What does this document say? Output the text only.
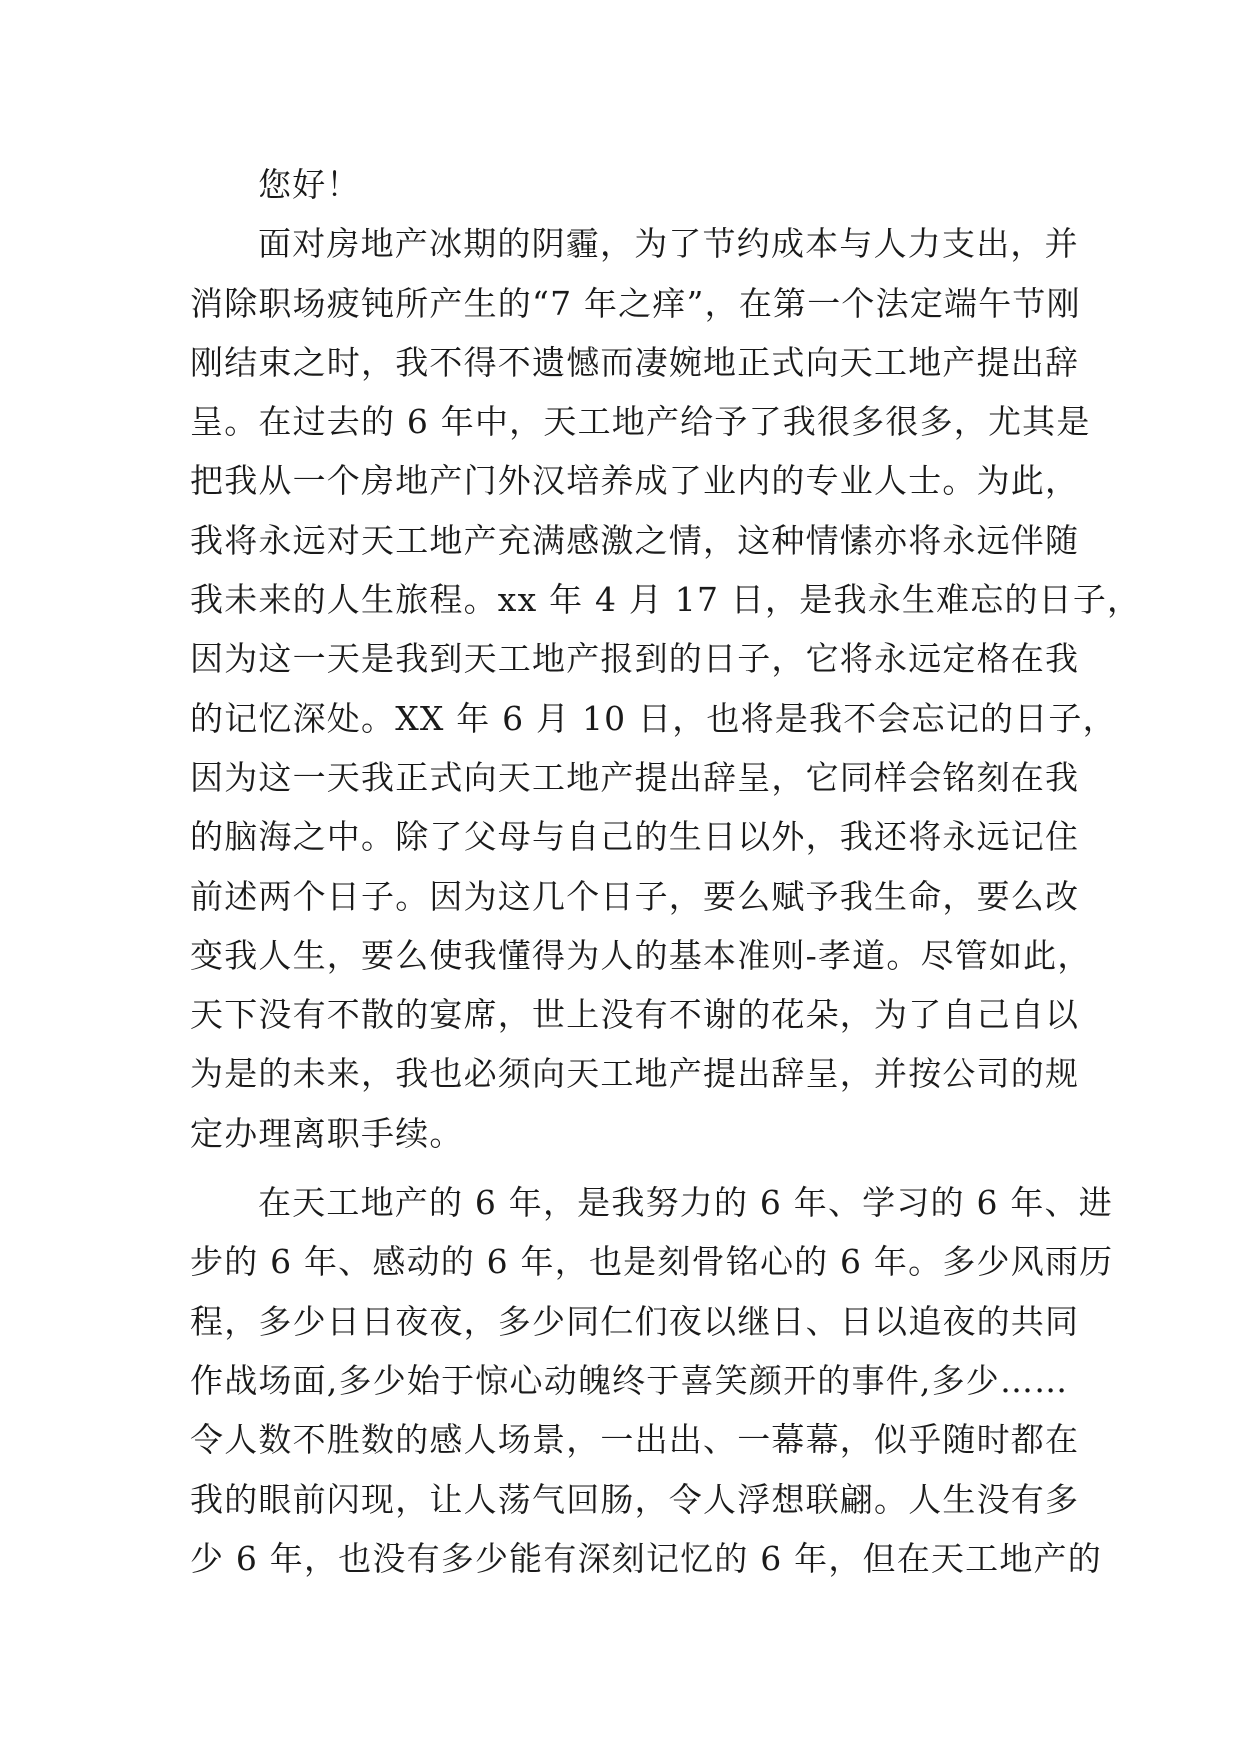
您好！
面对房地产冰期的阴霾，为了节约成本与人力支出，并
消除职场疲钝所产生的“7 年之痒”，在第一个法定端午节刚
刚结束之时，我不得不遗憾而凄婉地正式向天工地产提出辞
呈。在过去的 6 年中，天工地产给予了我很多很多，尤其是
把我从一个房地产门外汉培养成了业内的专业人士。为此，
我将永远对天工地产充满感激之情，这种情愫亦将永远伴随
我未来的人生旅程。xx 年 4 月 17 日，是我永生难忘的日子，
因为这一天是我到天工地产报到的日子，它将永远定格在我
的记忆深处。XX 年 6 月 10 日，也将是我不会忘记的日子，
因为这一天我正式向天工地产提出辞呈，它同样会铭刻在我
的脑海之中。除了父母与自己的生日以外，我还将永远记住
前述两个日子。因为这几个日子，要么赋予我生命，要么改
变我人生，要么使我懂得为人的基本准则-孝道。尽管如此，
天下没有不散的宴席，世上没有不谢的花朵，为了自己自以
为是的未来，我也必须向天工地产提出辞呈，并按公司的规
定办理离职手续。
在天工地产的 6 年，是我努力的 6 年、学习的 6 年、进
步的 6 年、感动的 6 年，也是刻骨铭心的 6 年。多少风雨历
程，多少日日夜夜，多少同仁们夜以继日、日以追夜的共同
作战场面,多少始于惊心动魄终于喜笑颜开的事件,多少……
令人数不胜数的感人场景，一出出、一幕幕，似乎随时都在
我的眼前闪现，让人荡气回肠，令人浮想联翩。人生没有多
少 6 年，也没有多少能有深刻记忆的 6 年，但在天工地产的
